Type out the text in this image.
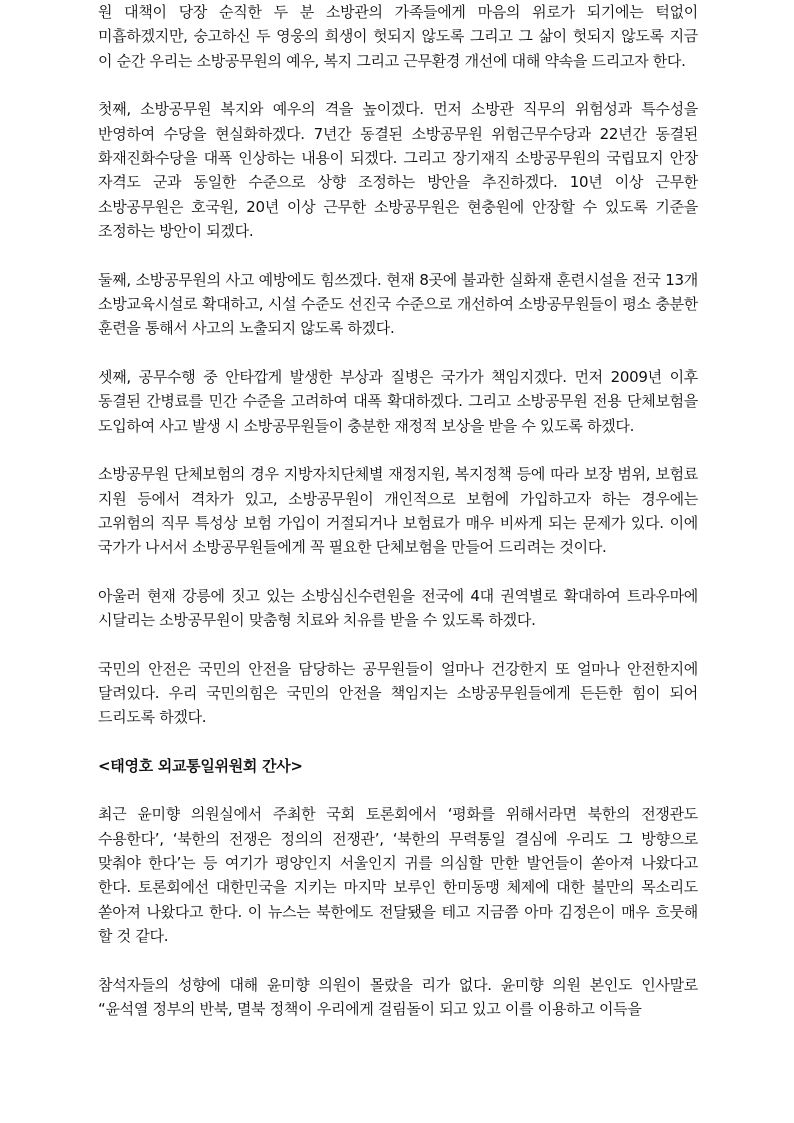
원 대책이 당장 순직한 두 분 소방관의 가족들에게 마음의 위로가 되기에는 턱없이 미흡하겠지만, 숭고하신 두 영웅의 희생이 헛되지 않도록 그리고 그 삶이 헛되지 않도록 지금 이 순간 우리는 소방공무원의 예우, 복지 그리고 근무환경 개선에 대해 약속을 드리고자 한다.

첫째, 소방공무원 복지와 예우의 격을 높이겠다. 먼저 소방관 직무의 위험성과 특수성을 반영하여 수당을 현실화하겠다. 7년간 동결된 소방공무원 위험근무수당과 22년간 동결된 화재진화수당을 대폭 인상하는 내용이 되겠다. 그리고 장기재직 소방공무원의 국립묘지 안장 자격도 군과 동일한 수준으로 상향 조정하는 방안을 추진하겠다. 10년 이상 근무한 소방공무원은 호국원, 20년 이상 근무한 소방공무원은 현충원에 안장할 수 있도록 기준을 조정하는 방안이 되겠다.

둘째, 소방공무원의 사고 예방에도 힘쓰겠다. 현재 8곳에 불과한 실화재 훈련시설을 전국 13개 소방교육시설로 확대하고, 시설 수준도 선진국 수준으로 개선하여 소방공무원들이 평소 충분한 훈련을 통해서 사고의 노출되지 않도록 하겠다.

셋째, 공무수행 중 안타깝게 발생한 부상과 질병은 국가가 책임지겠다. 먼저 2009년 이후 동결된 간병료를 민간 수준을 고려하여 대폭 확대하겠다. 그리고 소방공무원 전용 단체보험을 도입하여 사고 발생 시 소방공무원들이 충분한 재정적 보상을 받을 수 있도록 하겠다.

소방공무원 단체보험의 경우 지방자치단체별 재정지원, 복지정책 등에 따라 보장 범위, 보험료 지원 등에서 격차가 있고, 소방공무원이 개인적으로 보험에 가입하고자 하는 경우에는 고위험의 직무 특성상 보험 가입이 거절되거나 보험료가 매우 비싸게 되는 문제가 있다. 이에 국가가 나서서 소방공무원들에게 꼭 필요한 단체보험을 만들어 드리려는 것이다.

아울러 현재 강릉에 짓고 있는 소방심신수련원을 전국에 4대 권역별로 확대하여 트라우마에 시달리는 소방공무원이 맞춤형 치료와 치유를 받을 수 있도록 하겠다.

국민의 안전은 국민의 안전을 담당하는 공무원들이 얼마나 건강한지 또 얼마나 안전한지에 달려있다. 우리 국민의힘은 국민의 안전을 책임지는 소방공무원들에게 든든한 힘이 되어 드리도록 하겠다.

<태영호 외교통일위원회 간사>

최근 윤미향 의원실에서 주최한 국회 토론회에서 ‘평화를 위해서라면 북한의 전쟁관도 수용한다’, ‘북한의 전쟁은 정의의 전쟁관’, ‘북한의 무력통일 결심에 우리도 그 방향으로 맞춰야 한다’는 등 여기가 평양인지 서울인지 귀를 의심할 만한 발언들이 쏟아져 나왔다고 한다. 토론회에선 대한민국을 지키는 마지막 보루인 한미동맹 체제에 대한 불만의 목소리도 쏟아져 나왔다고 한다. 이 뉴스는 북한에도 전달됐을 테고 지금쯤 아마 김정은이 매우 흐뭇해 할 것 같다.

참석자들의 성향에 대해 윤미향 의원이 몰랐을 리가 없다. 윤미향 의원 본인도 인사말로 “윤석열 정부의 반북, 멸북 정책이 우리에게 걸림돌이 되고 있고 이를 이용하고 이득을
